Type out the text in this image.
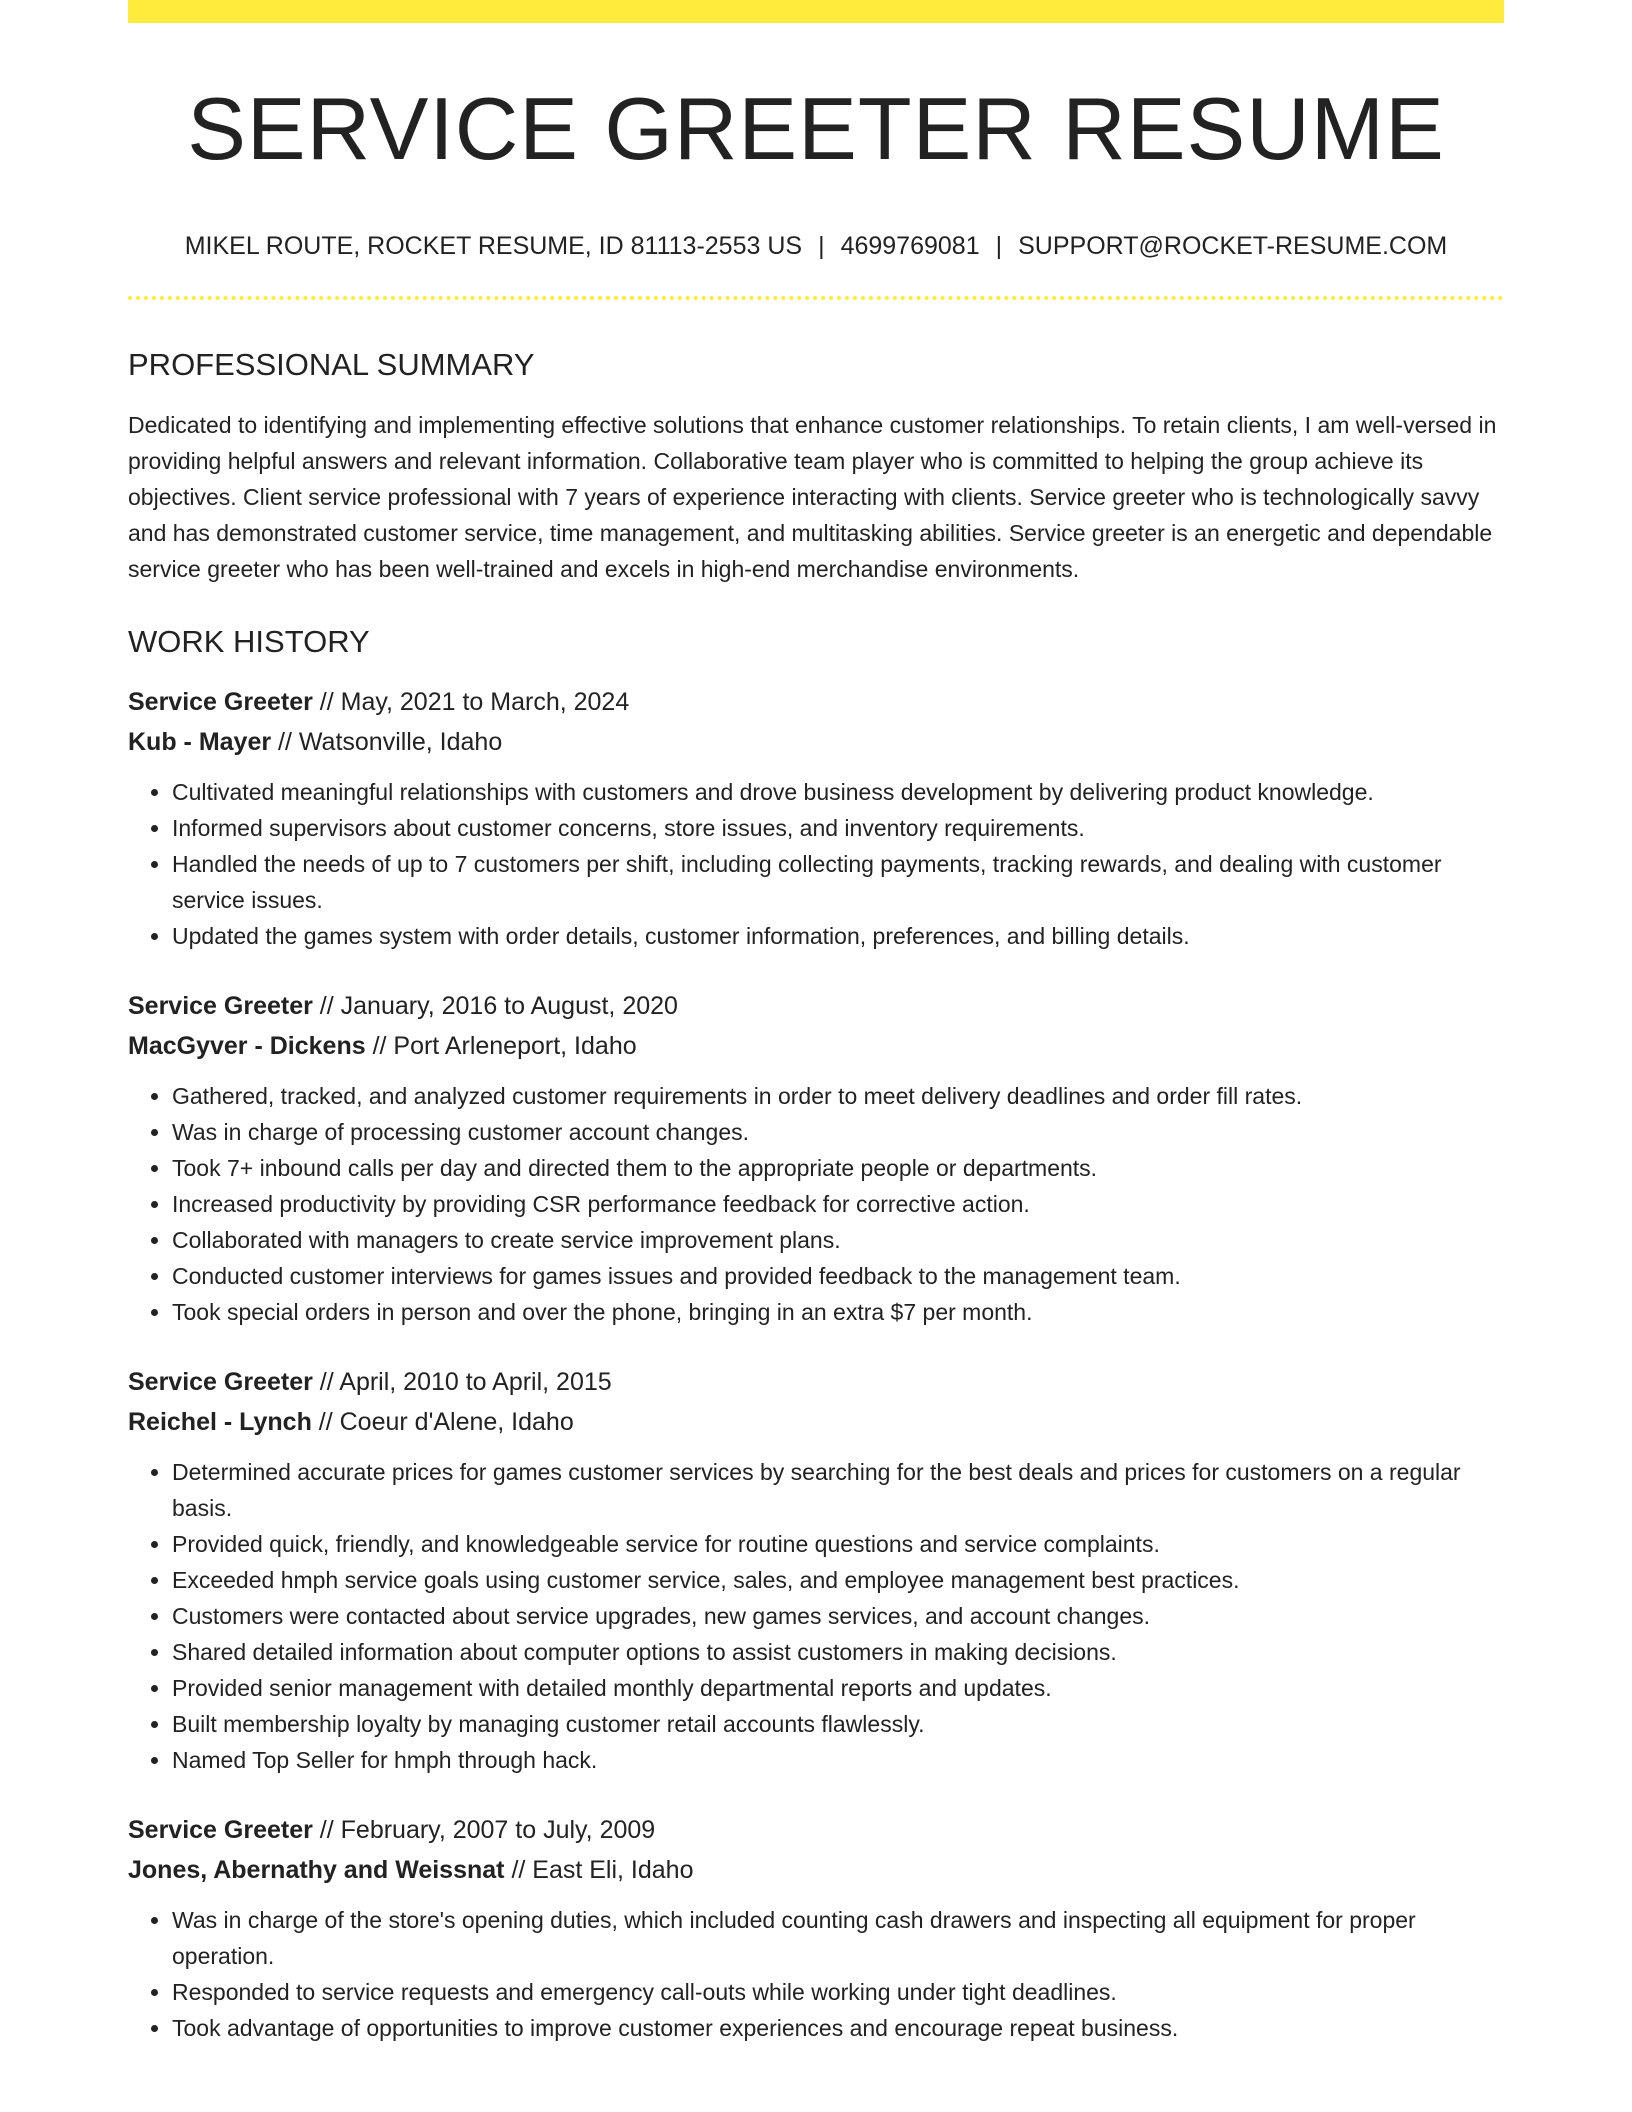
SERVICE GREETER RESUME
MIKEL ROUTE, ROCKET RESUME, ID 81113-2553 US | 4699769081 | SUPPORT@ROCKET-RESUME.COM
PROFESSIONAL SUMMARY
Dedicated to identifying and implementing effective solutions that enhance customer relationships. To retain clients, I am well-versed in providing helpful answers and relevant information. Collaborative team player who is committed to helping the group achieve its objectives. Client service professional with 7 years of experience interacting with clients. Service greeter who is technologically savvy and has demonstrated customer service, time management, and multitasking abilities. Service greeter is an energetic and dependable service greeter who has been well-trained and excels in high-end merchandise environments.
WORK HISTORY
Service Greeter // May, 2021 to March, 2024
Kub - Mayer // Watsonville, Idaho
• Cultivated meaningful relationships with customers and drove business development by delivering product knowledge.
• Informed supervisors about customer concerns, store issues, and inventory requirements.
• Handled the needs of up to 7 customers per shift, including collecting payments, tracking rewards, and dealing with customer service issues.
• Updated the games system with order details, customer information, preferences, and billing details.
Service Greeter // January, 2016 to August, 2020
MacGyver - Dickens // Port Arleneport, Idaho
• Gathered, tracked, and analyzed customer requirements in order to meet delivery deadlines and order fill rates.
• Was in charge of processing customer account changes.
• Took 7+ inbound calls per day and directed them to the appropriate people or departments.
• Increased productivity by providing CSR performance feedback for corrective action.
• Collaborated with managers to create service improvement plans.
• Conducted customer interviews for games issues and provided feedback to the management team.
• Took special orders in person and over the phone, bringing in an extra $7 per month.
Service Greeter // April, 2010 to April, 2015
Reichel - Lynch // Coeur d'Alene, Idaho
• Determined accurate prices for games customer services by searching for the best deals and prices for customers on a regular basis.
• Provided quick, friendly, and knowledgeable service for routine questions and service complaints.
• Exceeded hmph service goals using customer service, sales, and employee management best practices.
• Customers were contacted about service upgrades, new games services, and account changes.
• Shared detailed information about computer options to assist customers in making decisions.
• Provided senior management with detailed monthly departmental reports and updates.
• Built membership loyalty by managing customer retail accounts flawlessly.
• Named Top Seller for hmph through hack.
Service Greeter // February, 2007 to July, 2009
Jones, Abernathy and Weissnat // East Eli, Idaho
• Was in charge of the store's opening duties, which included counting cash drawers and inspecting all equipment for proper operation.
• Responded to service requests and emergency call-outs while working under tight deadlines.
• Took advantage of opportunities to improve customer experiences and encourage repeat business.
